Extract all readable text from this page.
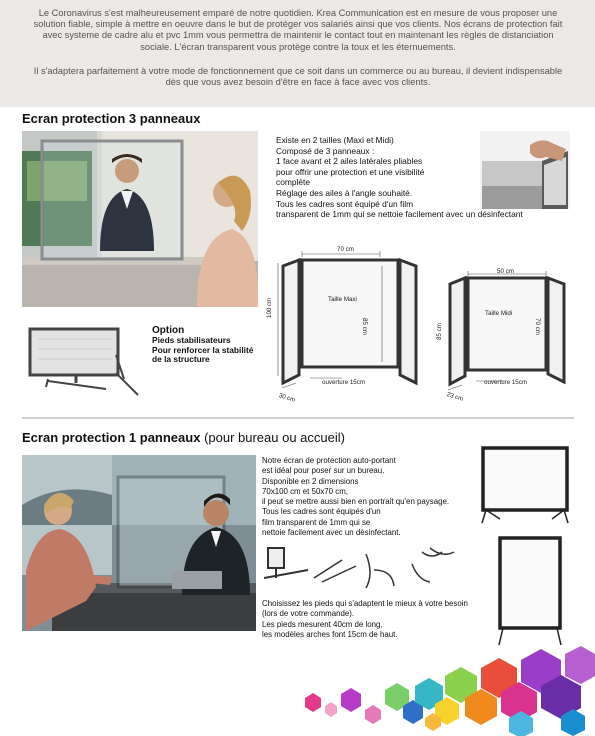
Le Coronavirus s'est malheureusement emparé de notre quotidien. Krea Communication est en mesure de vous proposer une solution fiable, simple à mettre en oeuvre dans le but de protéger vos salariés ainsi que vos clients. Nos écrans de protection fait avec systeme de cadre alu et pvc 1mm vous permettra de maintenir le contact tout en maintenant les règles de distanciation sociale. L'écran transparent vous protège contre la toux et les éternuements.

Il s'adaptera parfaitement à votre mode de fonctionnement que ce soit dans un commerce ou au bureau, il devient indispensable dès que vous avez besoin d'être en face à face avec vos clients.

Ecran protection 3 panneaux
Existe en 2 tailles (Maxi et Midi)
Composé de 3 panneaux :
1 face avant et 2 ailes latérales pliables
pour offrir une protection et une visibilité
complète
Réglage des ailes à l'angle souhaité.
Tous les cadres sont équipé d'un film
transparent de 1mm qui se nettoie facilement avec un désinfectant
70 cm
100 cm
85 cm
Taille Maxi
ouverture 15cm
30 cm
50 cm
85 cm	70 cm
Taille Midi
ouverture 15cm
23 cm
Option
Pieds stabilisateurs
Pour renforcer la stabilité
de la structure
Ecran protection 1 panneaux (pour bureau ou accueil)
Notre écran de protection auto-portant
est idéal pour poser sur un bureau.
Disponible en 2 dimensions
70x100 cm et 50x70 cm,
il peut se mettre aussi bien en portrait qu'en paysage.
Tous les cadres sont équipés d'un
film transparent de 1mm qui se
nettoie facilement avec un désinfectant.
Choisissez les pieds qui s'adaptent le mieux à votre besoin
(lors de votre commande).
Les pieds mesurent 40cm de long,
les modèles arches font 15cm de haut.
